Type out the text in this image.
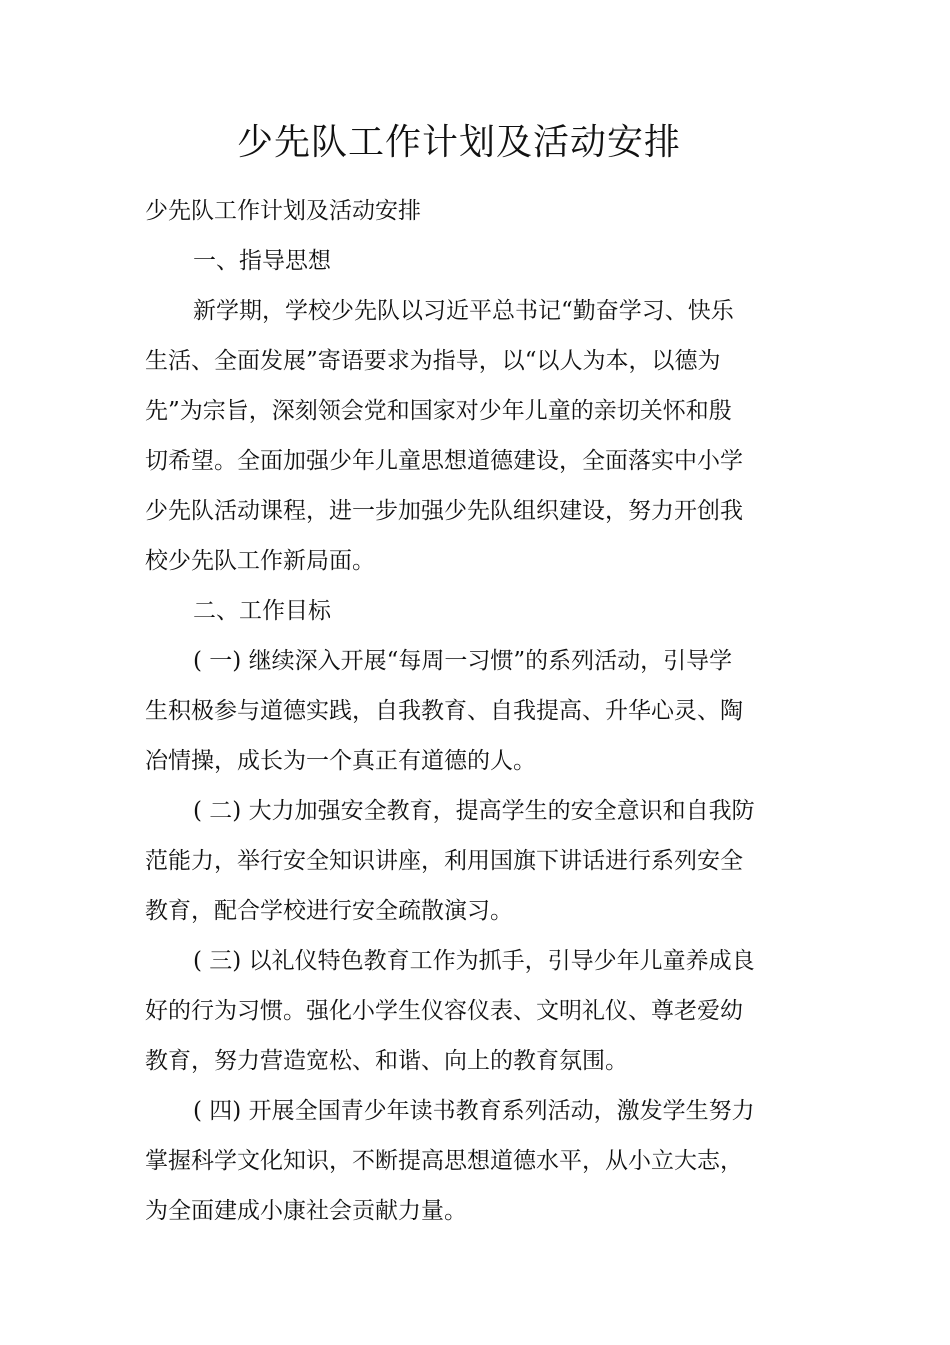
少先队工作计划及活动安排

少先队工作计划及活动安排

一、指导思想

新学期，学校少先队以习近平总书记“勤奋学习、快乐

生活、全面发展”寄语要求为指导，以“以人为本，以德为

先”为宗旨，深刻领会党和国家对少年儿童的亲切关怀和殷

切希望。全面加强少年儿童思想道德建设，全面落实中小学

少先队活动课程，进一步加强少先队组织建设，努力开创我

校少先队工作新局面。

二、工作目标

( 一) 继续深入开展“每周一习惯”的系列活动，引导学

生积极参与道德实践，自我教育、自我提高、升华心灵、陶

冶情操，成长为一个真正有道德的人。

( 二) 大力加强安全教育，提高学生的安全意识和自我防

范能力，举行安全知识讲座，利用国旗下讲话进行系列安全

教育，配合学校进行安全疏散演习。

( 三) 以礼仪特色教育工作为抓手，引导少年儿童养成良

好的行为习惯。强化小学生仪容仪表、文明礼仪、尊老爱幼

教育，努力营造宽松、和谐、向上的教育氛围。

( 四) 开展全国青少年读书教育系列活动，激发学生努力

掌握科学文化知识，不断提高思想道德水平，从小立大志，

为全面建成小康社会贡献力量。
